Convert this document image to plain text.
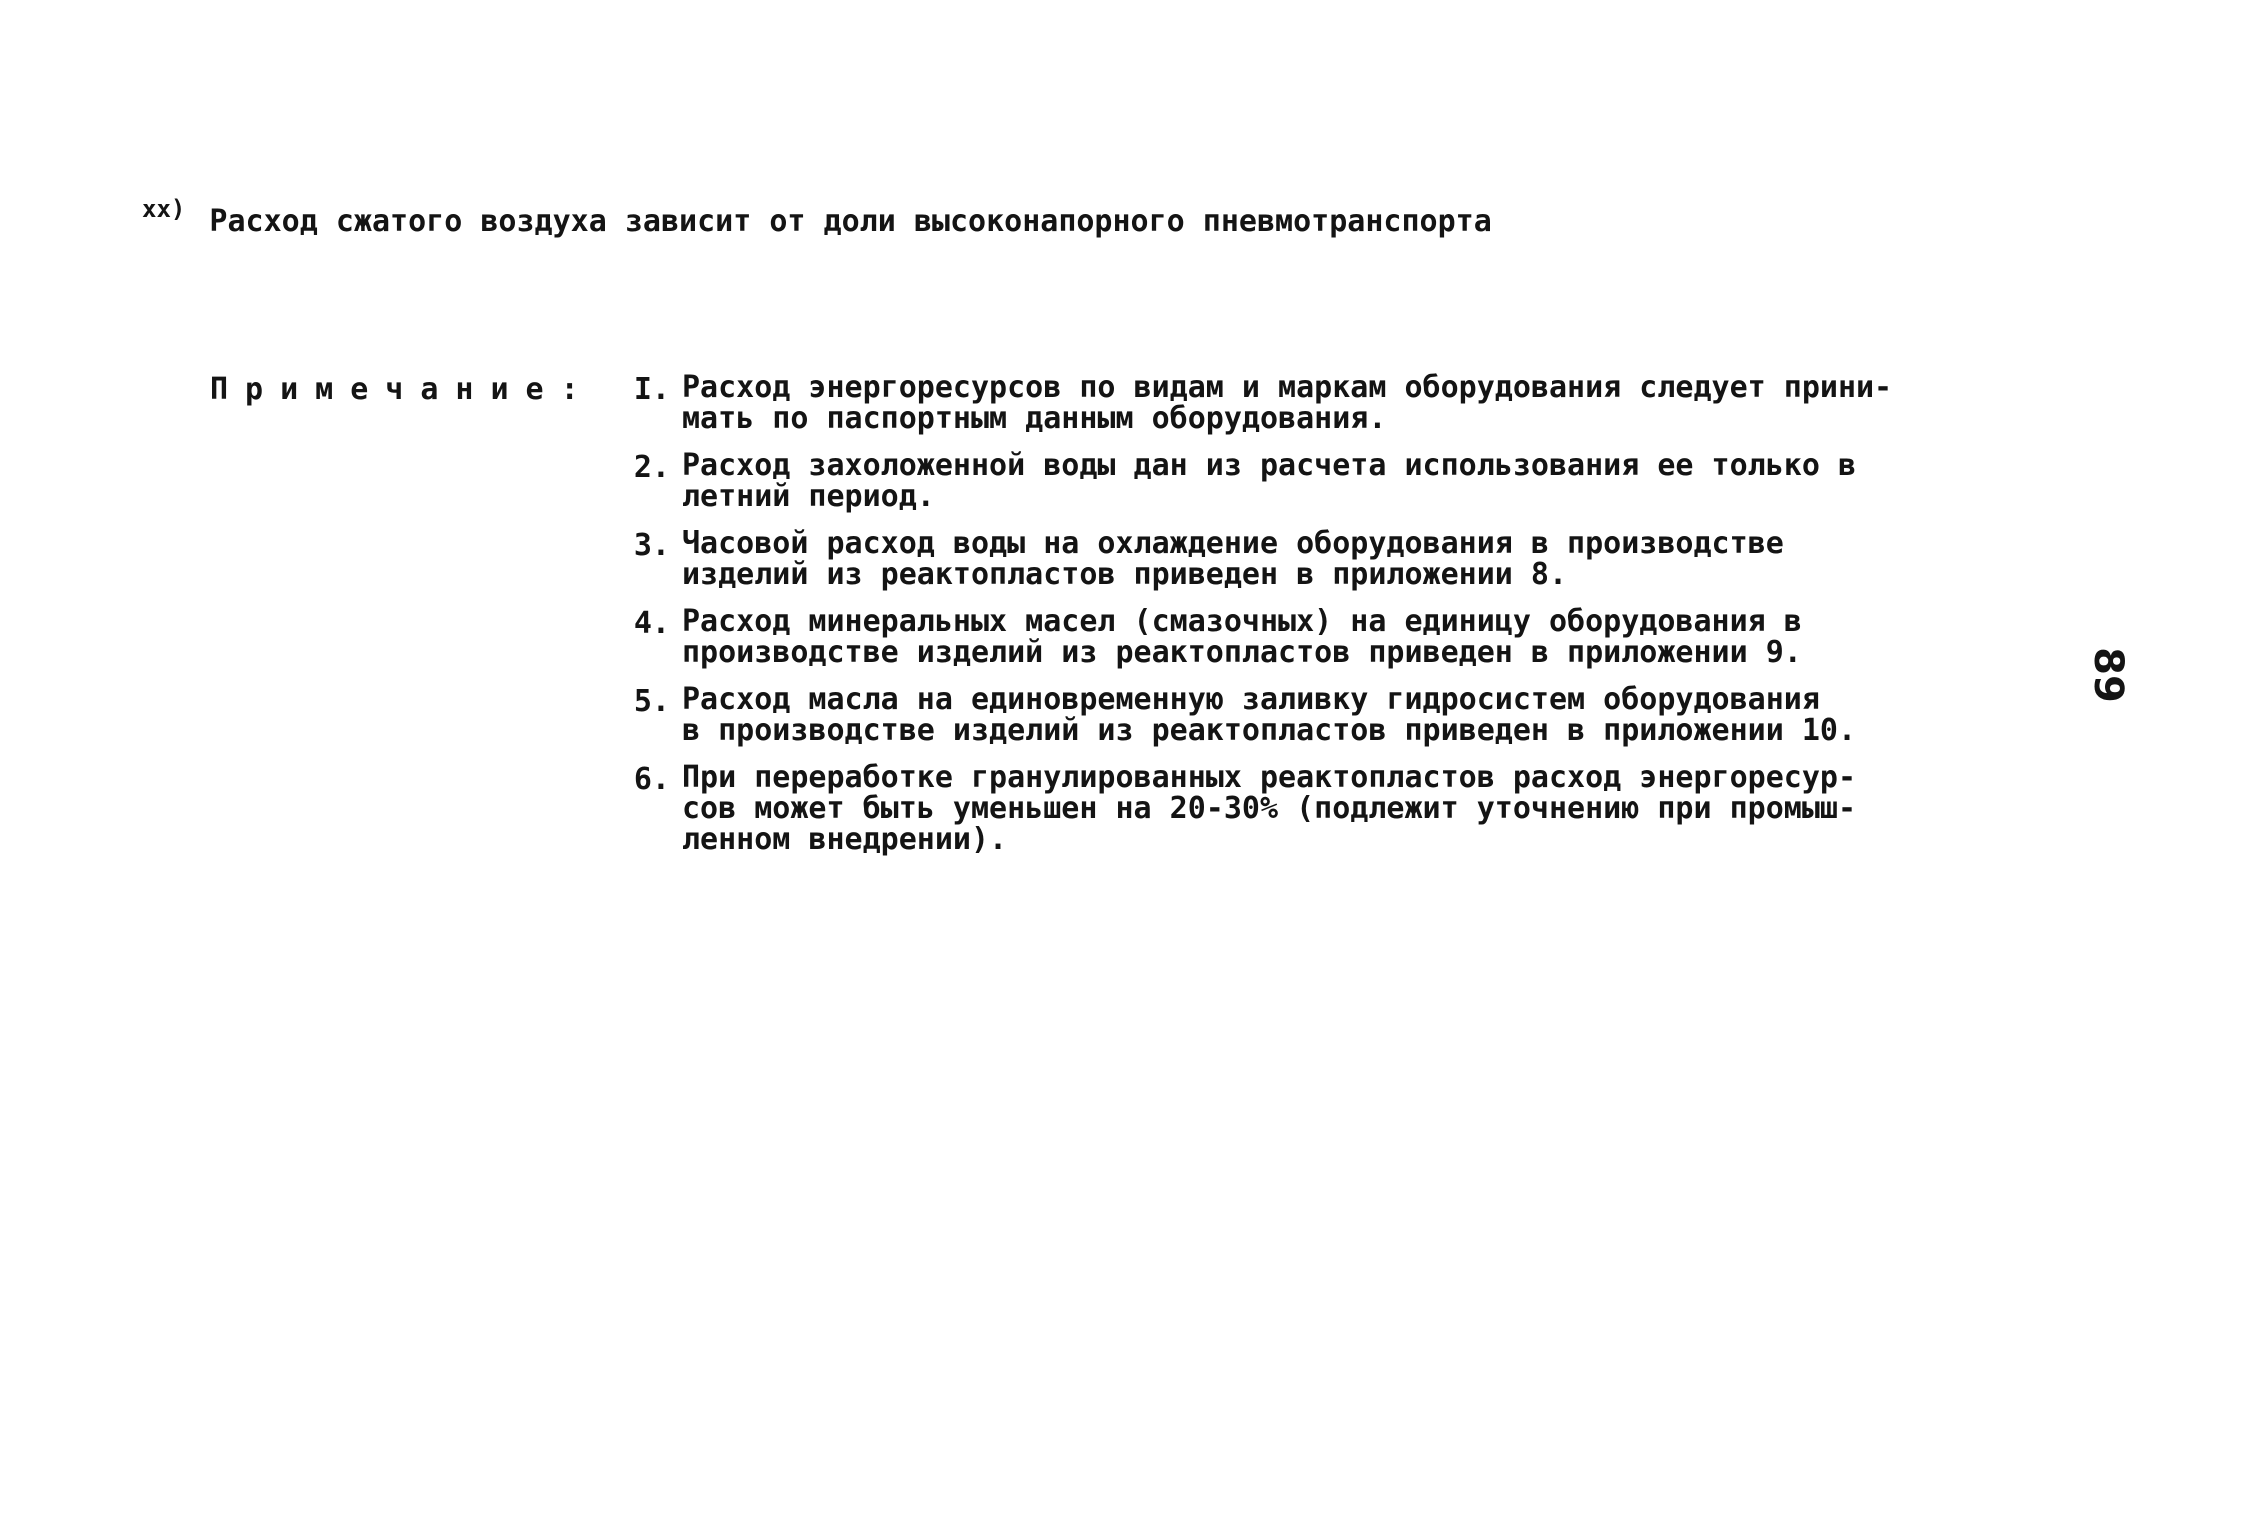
$^{xx)}$ Расход сжатого воздуха зависит от доли высоконапорного пневмотранспорта
Примечание:	I. Расход энергоресурсов по видам и маркам оборудования следует прини-
мать по паспортным данным оборудования.
2. Расход захоложенной воды дан из расчета использования ее только в
летний период.
3. Часовой расход воды на охлаждение оборудования в производстве
изделий из реактопластов приведен в приложении 8.
4. Расход минеральных масел (смазочных) на единицу оборудования в
производстве изделий из реактопластов приведен в приложении 9.
5. Расход масла на единовременную заливку гидросистем оборудования
в производстве изделий из реактопластов приведен в приложении 10.
6. При переработке гранулированных реактопластов расход энергоресур-
сов может быть уменьшен на 20-30% (подлежит уточнению при промыш-
ленном внедрении).
89
